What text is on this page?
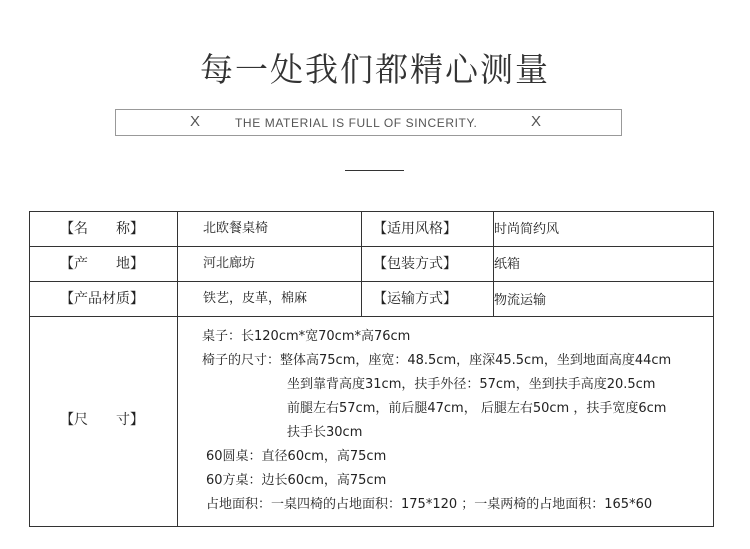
每一处我们都精心测量
X	THE MATERIAL IS FULL OF SINCERITY.	X
【名　　称】	北欧餐桌椅	【适用风格】	时尚简约风
【产　　地】	河北廊坊	【包装方式】	纸箱
【产品材质】	铁艺，皮革，棉麻	【运输方式】	物流运输
【尺　　寸】
桌子：长120cm*宽70cm*高76cm
椅子的尺寸：整体高75cm，座宽：48.5cm，座深45.5cm，坐到地面高度44cm
坐到靠背高度31cm，扶手外径：57cm，坐到扶手高度20.5cm
前腿左右57cm，前后腿47cm， 后腿左右50cm ，扶手宽度6cm
扶手长30cm
60圆桌：直径60cm，高75cm
60方桌：边长60cm，高75cm
占地面积：一桌四椅的占地面积：175*120 ；一桌两椅的占地面积：165*60
